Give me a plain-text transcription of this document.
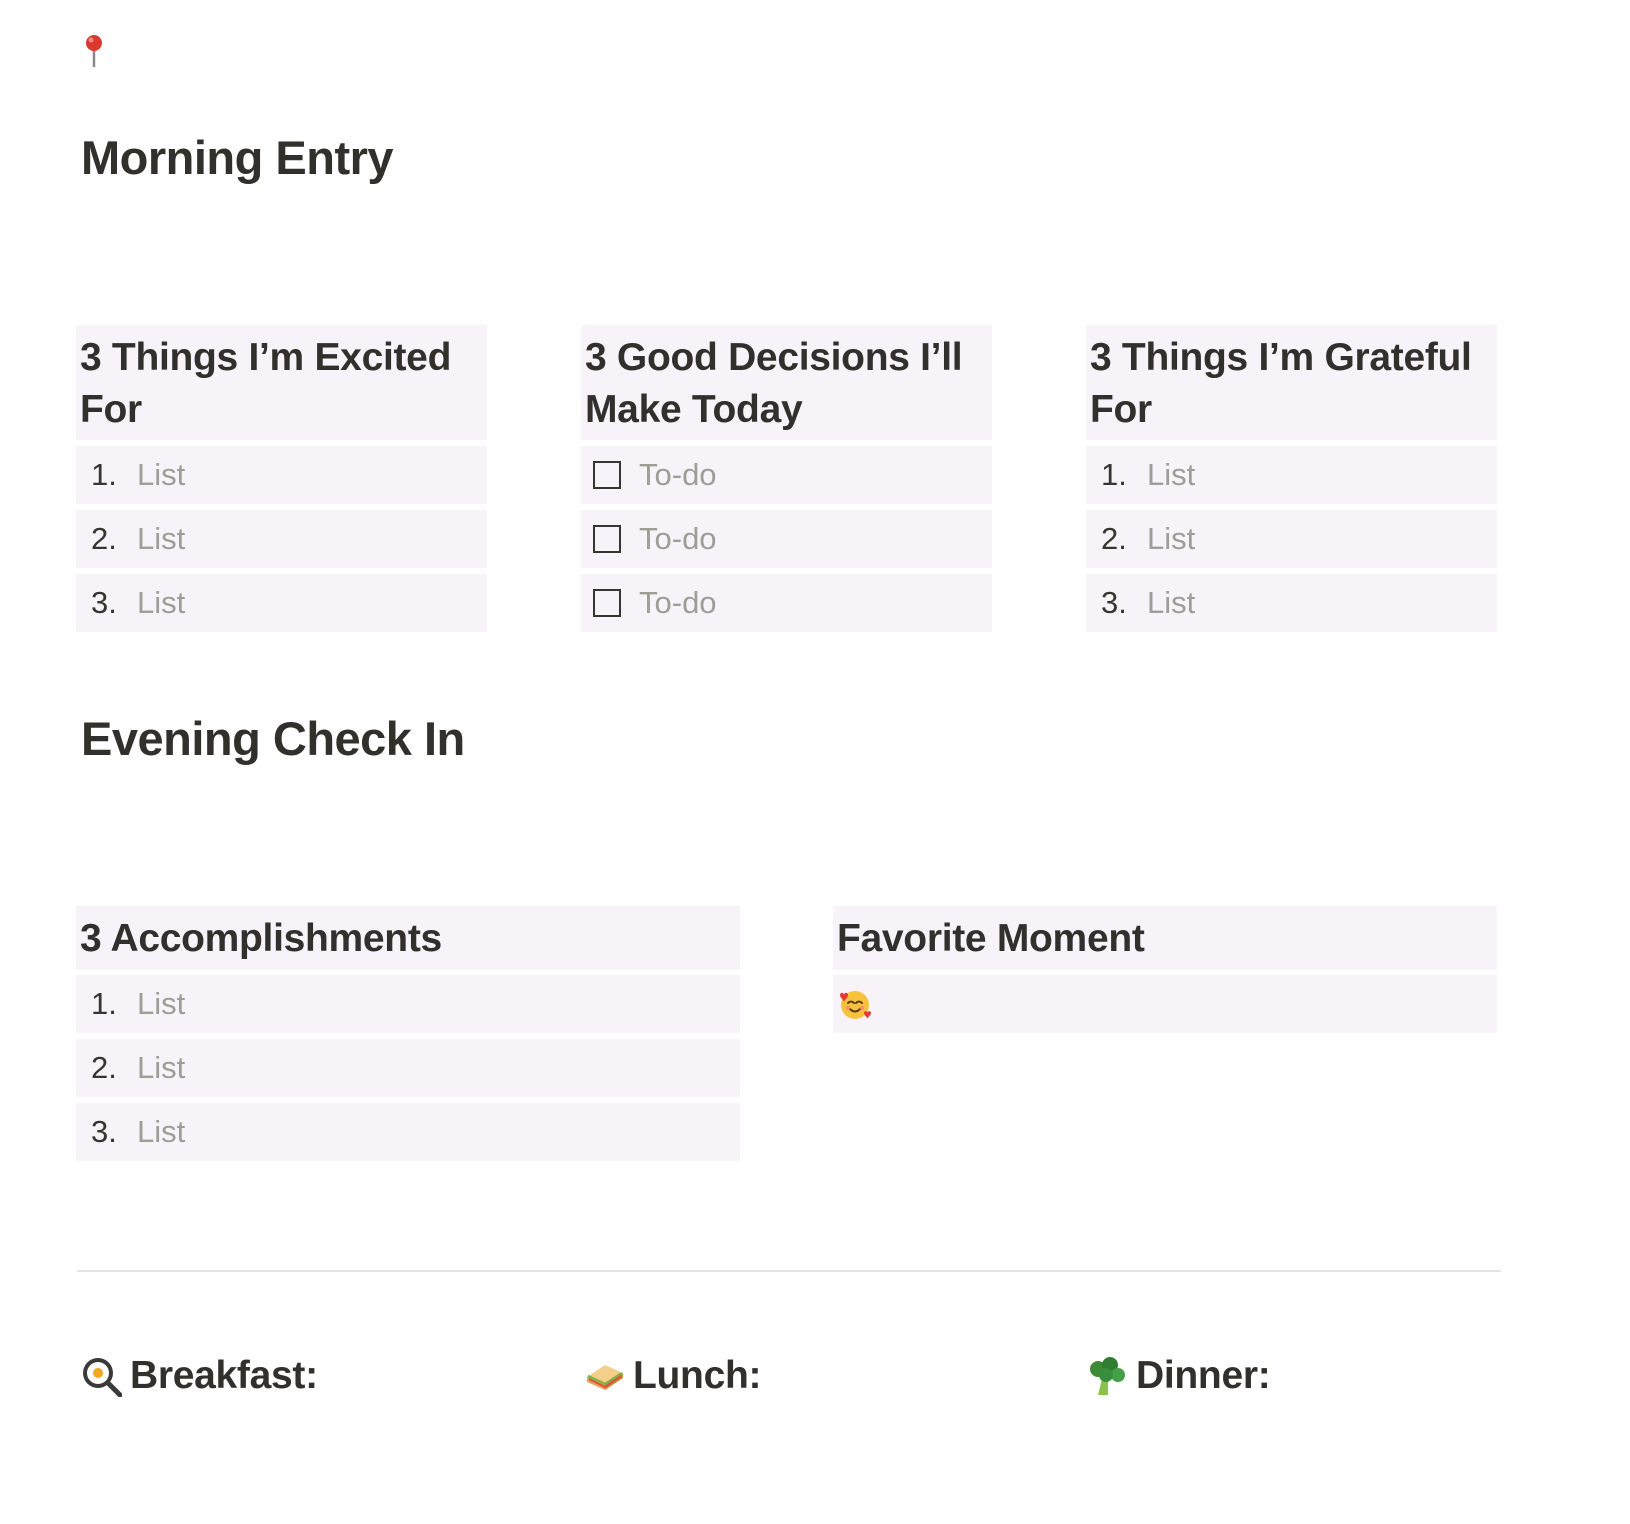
Morning Entry
3 Things I’m Excited For
1. List
2. List
3. List
3 Good Decisions I’ll Make Today
To-do
To-do
To-do
3 Things I’m Grateful For
1. List
2. List
3. List
Evening Check In
3 Accomplishments
1. List
2. List
3. List
Favorite Moment
Breakfast:	Lunch:	Dinner:
